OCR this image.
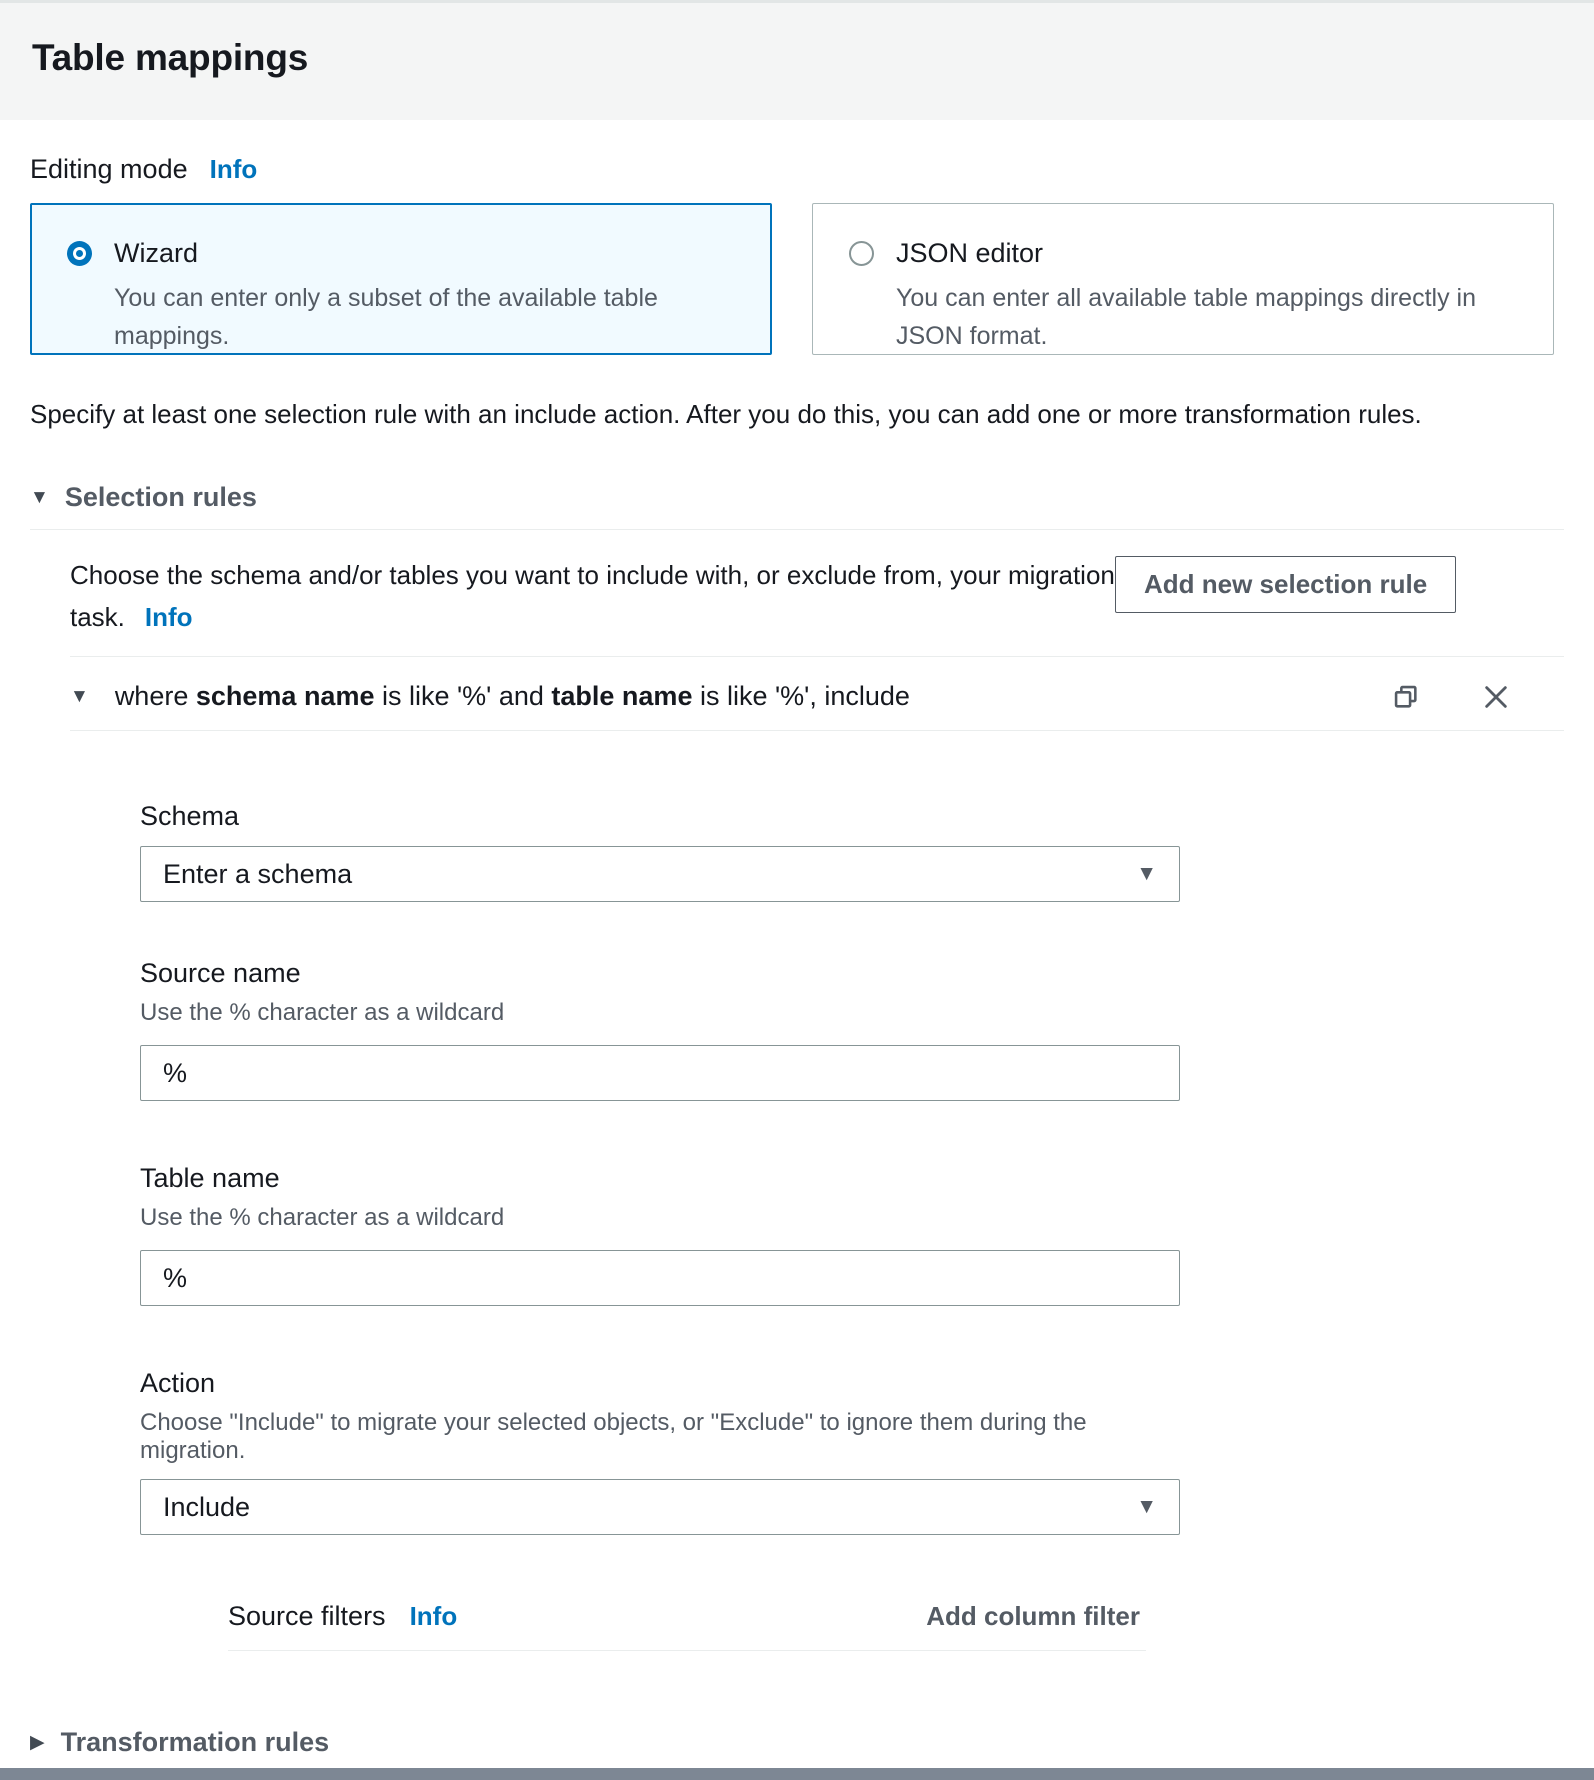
Table mappings
Editing mode Info
Wizard
You can enter only a subset of the available table mappings.
JSON editor
You can enter all available table mappings directly in JSON format.

Specify at least one selection rule with an include action. After you do this, you can add one or more transformation rules.

▼ Selection rules
Choose the schema and/or tables you want to include with, or exclude from, your migration task. Info
Add new selection rule
▼ where schema name is like '%' and table name is like '%', include
Schema
Enter a schema	▼
Source name
Use the % character as a wildcard
%
Table name
Use the % character as a wildcard
%
Action
Choose "Include" to migrate your selected objects, or "Exclude" to ignore them during the migration.
Include	▼
Source filters Info	Add column filter
▶ Transformation rules
